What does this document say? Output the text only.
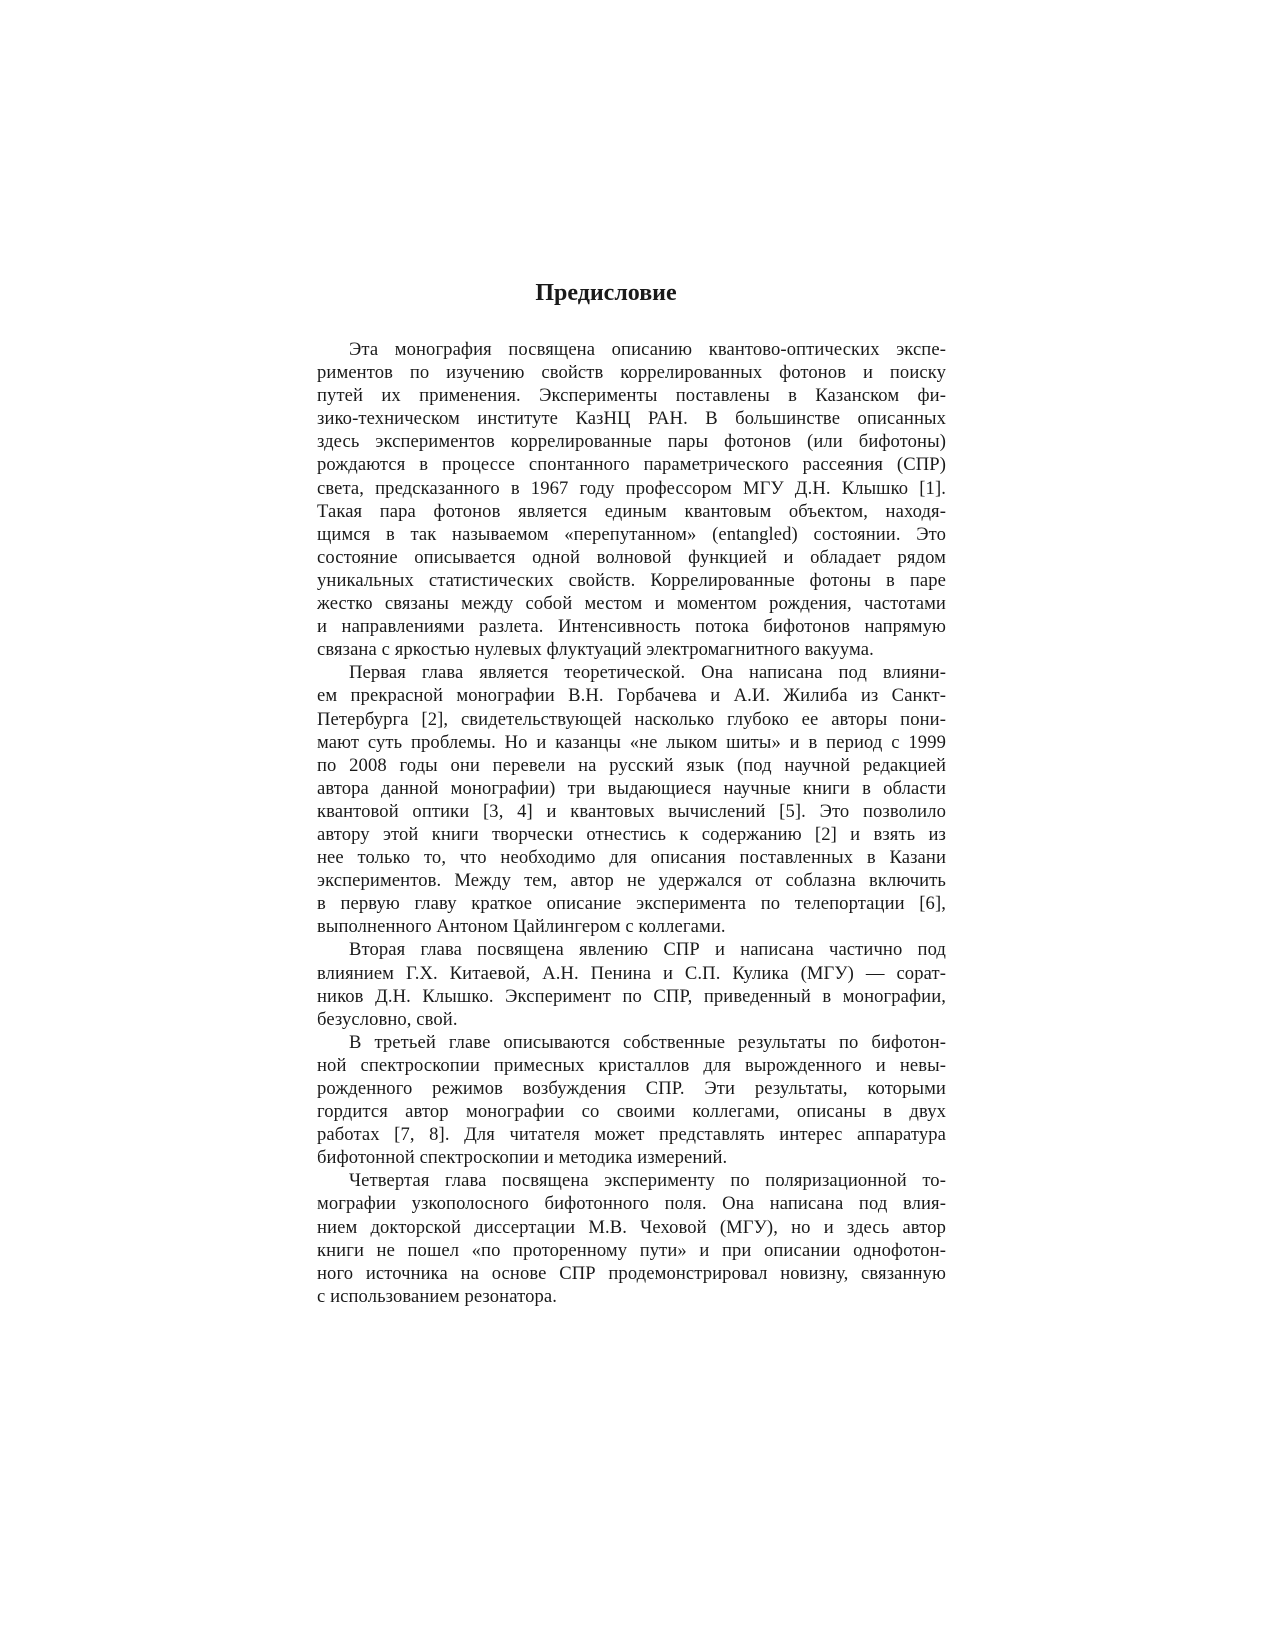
Предисловие
Эта монография посвящена описанию квантово-оптических экспе-
риментов по изучению свойств коррелированных фотонов и поиску
путей их применения. Эксперименты поставлены в Казанском фи-
зико-техническом институте КазНЦ РАН. В большинстве описанных
здесь экспериментов коррелированные пары фотонов (или бифотоны)
рождаются в процессе спонтанного параметрического рассеяния (СПР)
света, предсказанного в 1967 году профессором МГУ Д.Н. Клышко [1].
Такая пара фотонов является единым квантовым объектом, находя-
щимся в так называемом «перепутанном» (entangled) состоянии. Это
состояние описывается одной волновой функцией и обладает рядом
уникальных статистических свойств. Коррелированные фотоны в паре
жестко связаны между собой местом и моментом рождения, частотами
и направлениями разлета. Интенсивность потока бифотонов напрямую
связана с яркостью нулевых флуктуаций электромагнитного вакуума.
Первая глава является теоретической. Она написана под влияни-
ем прекрасной монографии В.Н. Горбачева и А.И. Жилиба из Санкт-
Петербурга [2], свидетельствующей насколько глубоко ее авторы пони-
мают суть проблемы. Но и казанцы «не лыком шиты» и в период с 1999
по 2008 годы они перевели на русский язык (под научной редакцией
автора данной монографии) три выдающиеся научные книги в области
квантовой оптики [3, 4] и квантовых вычислений [5]. Это позволило
автору этой книги творчески отнестись к содержанию [2] и взять из
нее только то, что необходимо для описания поставленных в Казани
экспериментов. Между тем, автор не удержался от соблазна включить
в первую главу краткое описание эксперимента по телепортации [6],
выполненного Антоном Цайлингером с коллегами.
Вторая глава посвящена явлению СПР и написана частично под
влиянием Г.Х. Китаевой, А.Н. Пенина и С.П. Кулика (МГУ) — сорат-
ников Д.Н. Клышко. Эксперимент по СПР, приведенный в монографии,
безусловно, свой.
В третьей главе описываются собственные результаты по бифотон-
ной спектроскопии примесных кристаллов для вырожденного и невы-
рожденного режимов возбуждения СПР. Эти результаты, которыми
гордится автор монографии со своими коллегами, описаны в двух
работах [7, 8]. Для читателя может представлять интерес аппаратура
бифотонной спектроскопии и методика измерений.
Четвертая глава посвящена эксперименту по поляризационной то-
мографии узкополосного бифотонного поля. Она написана под влия-
нием докторской диссертации М.В. Чеховой (МГУ), но и здесь автор
книги не пошел «по проторенному пути» и при описании однофотон-
ного источника на основе СПР продемонстрировал новизну, связанную
с использованием резонатора.
